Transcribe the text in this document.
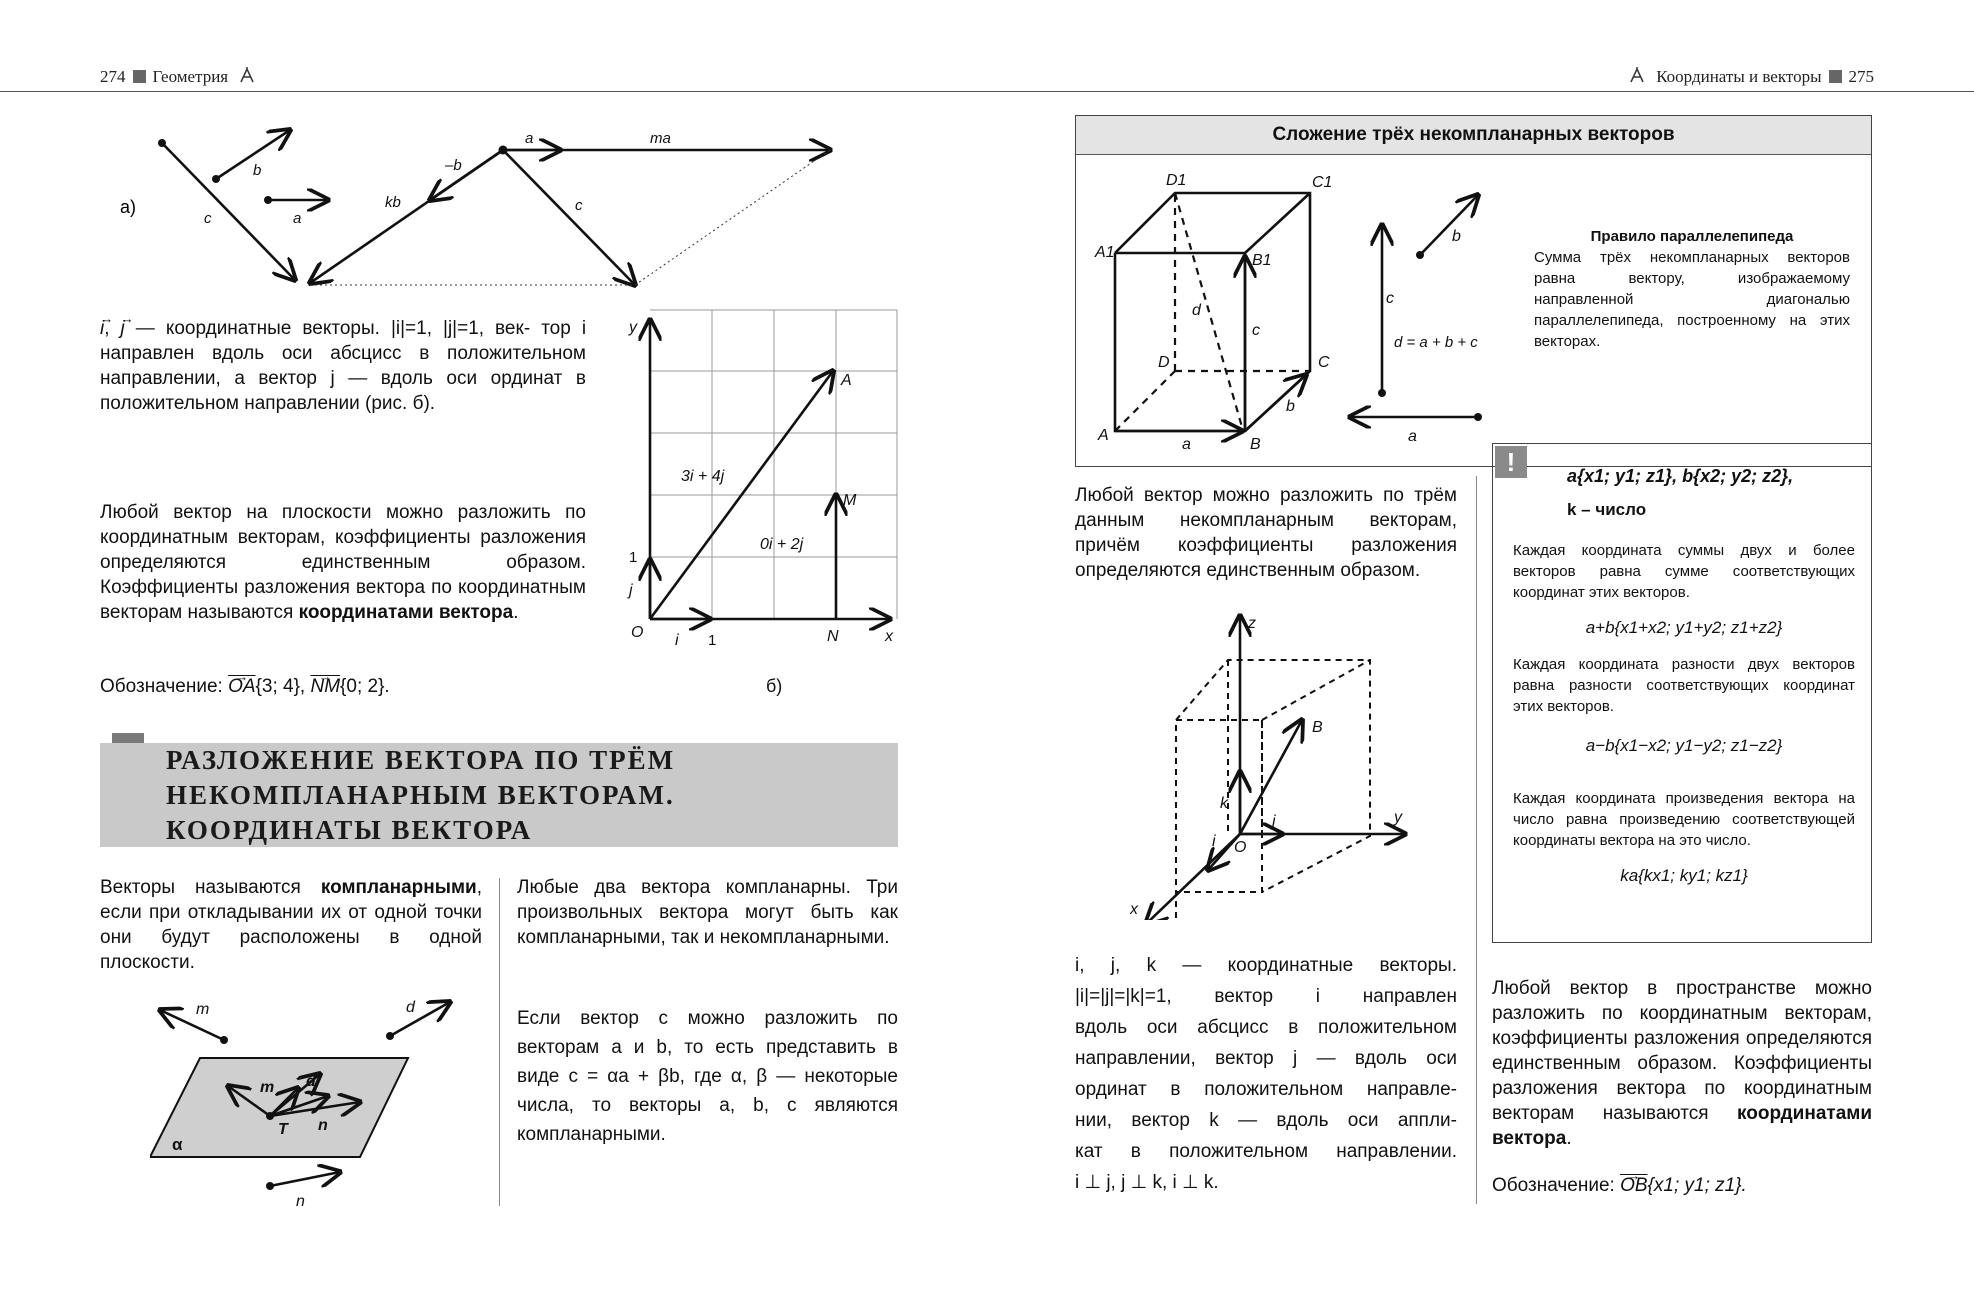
274 Геометрия	Координаты и векторы 275
а)
b
c	a
kb
–b
a	ma
c
→ i, → j — координатные векторы. |i|=1, |j|=1, век- тор i направлен вдоль оси абсцисс в положительном направлении, а вектор j — вдоль оси ординат в положительном направлении (рис. б).
Любой вектор на плоскости можно разложить по координатным векторам, коэффициенты разложения определяются единственным образом. Коэффициенты разложения вектора по координатным векторам называются координатами вектора.
Обозначение: → $\overline{OA}\{3$; 4}, → $\overline{NM}\{0$; 2}.
y
x
O
A
M
N
j
i
3i + 4j
0i + 2j
1
1
б)
РАЗЛОЖЕНИЕ ВЕКТОРА ПО ТРЁМ
НЕКОМПЛАНАРНЫМ ВЕКТОРАМ.
КООРДИНАТЫ ВЕКТОРА
Векторы называются компланарными, если при откладывании их от одной точки они будут расположены в одной плоскости.
Любые два вектора компланарны. Три произвольных вектора могут быть как компланарными, так и некомпланарными.
Если вектор c можно разложить по векторам a и b, то есть представить в виде c = αa + βb, где α, β — некоторые числа, то векторы a, b, c являются компланарными.
m	d
m d
n
T
n
α
Сложение трёх некомпланарных векторов
D1	C1
A1	B1
D	C
A
B
d
c
b
a
b
c
a
d = a + b + c
Правило параллелепипеда
Сумма трёх некомпланарных векторов равна вектору, изображаемому направленной диагональю параллелепипеда, построенному на этих векторах.
Любой вектор можно разложить по трём данным некомпланарным векторам, причём коэффициенты разложения определяются единственным образом.
z
y
x
O
B
k
j
i
i, j, k — координатные векторы.
|i|=|j|=|k|=1, вектор i направлен
вдоль оси абсцисс в положительном
направлении, вектор j — вдоль оси
ординат в положительном направле-
нии, вектор k — вдоль оси аппли-
кат в положительном направлении.
i ⊥ j, j ⊥ k, i ⊥ k.
!	a{x1; y1; z1}, b{x2; y2; z2},
k – число
Каждая координата суммы двух и более векторов равна сумме соответствующих координат этих векторов.
a+b{x1+x2; y1+y2; z1+z2}
Каждая координата разности двух векторов равна разности соответствующих координат этих векторов.
a−b{x1−x2; y1−y2; z1−z2}
Каждая координата произведения вектора на число равна произведению соответствующей координаты вектора на это число.
ka{kx1; ky1; kz1}
Любой вектор в пространстве можно разложить по координатным векторам, коэффициенты разложения определяются единственным образом. Коэффициенты разложения вектора по координатным векторам называются координатами вектора.
Обозначение: → $\overline{OB}\{x1$; y1; z1}.
